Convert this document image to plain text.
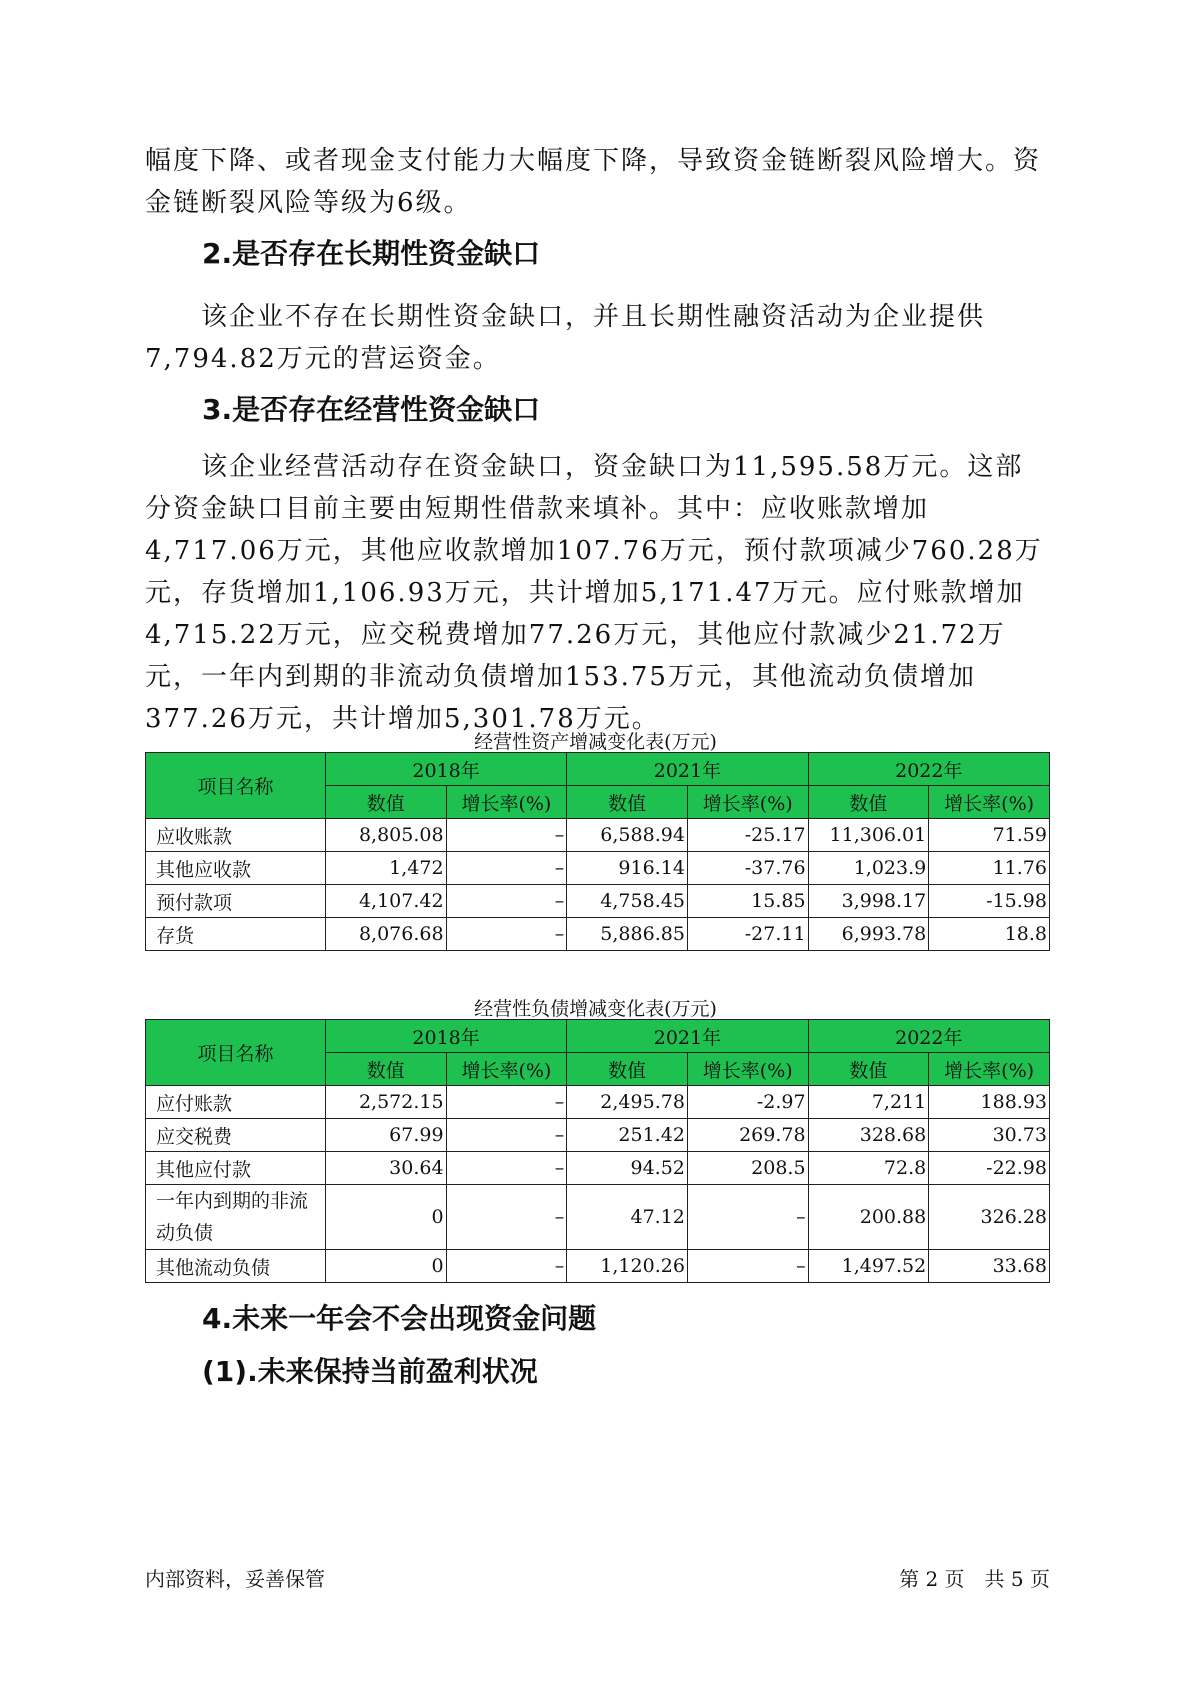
幅度下降、或者现金支付能力大幅度下降，导致资金链断裂风险增大。资金链断裂风险等级为6级。

2.是否存在长期性资金缺口

该企业不存在长期性资金缺口，并且长期性融资活动为企业提供7,794.82万元的营运资金。

3.是否存在经营性资金缺口

该企业经营活动存在资金缺口，资金缺口为11,595.58万元。这部分资金缺口目前主要由短期性借款来填补。其中：应收账款增加4,717.06万元，其他应收款增加107.76万元，预付款项减少760.28万元，存货增加1,106.93万元，共计增加5,171.47万元。应付账款增加4,715.22万元，应交税费增加77.26万元，其他应付款减少21.72万元，一年内到期的非流动负债增加153.75万元，其他流动负债增加377.26万元，共计增加5,301.78万元。

经营性资产增减变化表(万元)
项目名称	2018年		2021年		2022年	
	数值	增长率(%)	数值	增长率(%)	数值	增长率(%)
应收账款	8,805.08	–	6,588.94	-25.17	11,306.01	71.59
其他应收款	1,472	–	916.14	-37.76	1,023.9	11.76
预付款项	4,107.42	–	4,758.45	15.85	3,998.17	-15.98
存货	8,076.68	–	5,886.85	-27.11	6,993.78	18.8
经营性负债增减变化表(万元)
项目名称	2018年		2021年		2022年	
	数值	增长率(%)	数值	增长率(%)	数值	增长率(%)
应付账款	2,572.15	–	2,495.78	-2.97	7,211	188.93
应交税费	67.99	–	251.42	269.78	328.68	30.73
其他应付款	30.64	–	94.52	208.5	72.8	-22.98
一年内到期的非流动负债	0	–	47.12	–	200.88	326.28
其他流动负债	0	–	1,120.26	–	1,497.52	33.68
4.未来一年会不会出现资金问题
(1).未来保持当前盈利状况
内部资料，妥善保管	第 2 页　共 5 页
